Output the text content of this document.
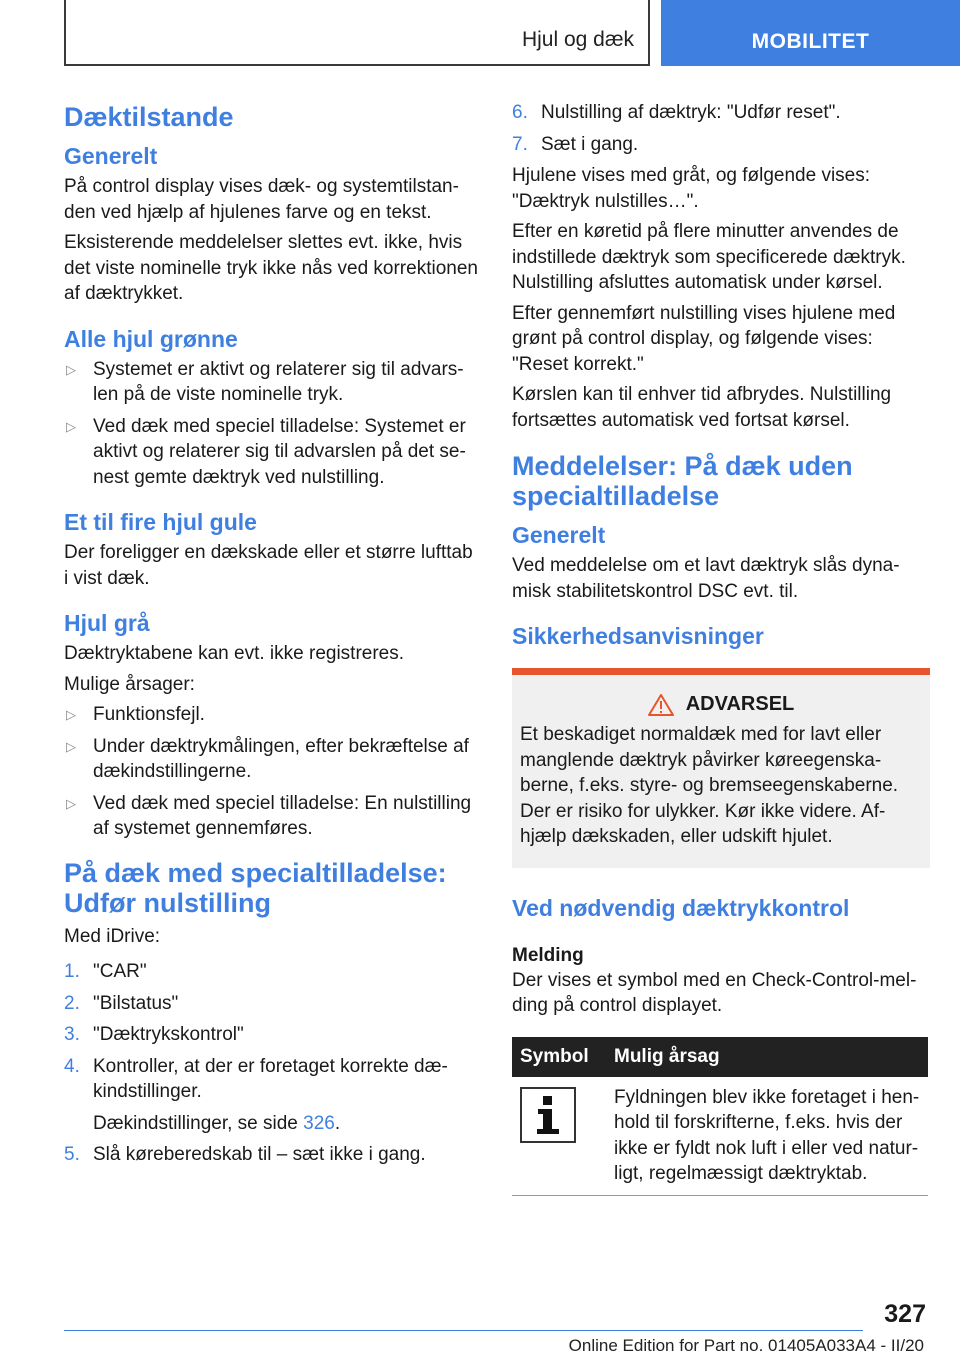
Hjul og dæk	MOBILITET
Dæktilstande
Generelt

På control display vises dæk- og systemtilstan-den ved hjælp af hjulenes farve og en tekst.

Eksisterende meddelelser slettes evt. ikke, hvis det viste nominelle tryk ikke nås ved korrektionen af dæktrykket.

Alle hjul grønne
▷ Systemet er aktivt og relaterer sig til advars-len på de viste nominelle tryk.
▷ Ved dæk med speciel tilladelse: Systemet er aktivt og relaterer sig til advarslen på det se-nest gemte dæktryk ved nulstilling.
Et til fire hjul gule

Der foreligger en dækskade eller et større lufttab i vist dæk.

Hjul grå

Dæktryktabene kan evt. ikke registreres.

Mulige årsager:

▷ Funktionsfejl.
▷ Under dæktrykmålingen, efter bekræftelse af dækindstillingerne.
▷ Ved dæk med speciel tilladelse: En nulstilling af systemet gennemføres.
På dæk med specialtilladelse: Udfør nulstilling

Med iDrive:

1. "CAR"
2. "Bilstatus"
3. "Dæktrykskontrol"
4. Kontroller, at der er foretaget korrekte dæ-kindstillinger.
Dækindstillinger, se side 326.
5. Slå køreberedskab til – sæt ikke i gang.
6. Nulstilling af dæktryk: "Udfør reset".
7. Sæt i gang.

Hjulene vises med gråt, og følgende vises: "Dæktryk nulstilles…".

Efter en køretid på flere minutter anvendes de indstillede dæktryk som specificerede dæktryk. Nulstilling afsluttes automatisk under kørsel.

Efter gennemført nulstilling vises hjulene med grønt på control display, og følgende vises: "Reset korrekt."

Kørslen kan til enhver tid afbrydes. Nulstilling fortsættes automatisk ved fortsat kørsel.

Meddelelser: På dæk uden specialtilladelse
Generelt

Ved meddelelse om et lavt dæktryk slås dyna-misk stabilitetskontrol DSC evt. til.

Sikkerhedsanvisninger
ADVARSEL

Et beskadiget normaldæk med for lavt eller manglende dæktryk påvirker køreegenska-berne, f.eks. styre- og bremseegenskaberne. Der er risiko for ulykker. Kør ikke videre. Af-hjælp dækskaden, eller udskift hjulet.

Ved nødvendig dæktrykkontrol
Melding

Der vises et symbol med en Check-Control-mel-ding på control displayet.

Symbol	Mulig årsag

	Fyldningen blev ikke foretaget i hen-hold til forskrifterne, f.eks. hvis der ikke er fyldt nok luft i eller ved natur-ligt, regelmæssigt dæktryktab.
327
Online Edition for Part no. 01405A033A4 - II/20
